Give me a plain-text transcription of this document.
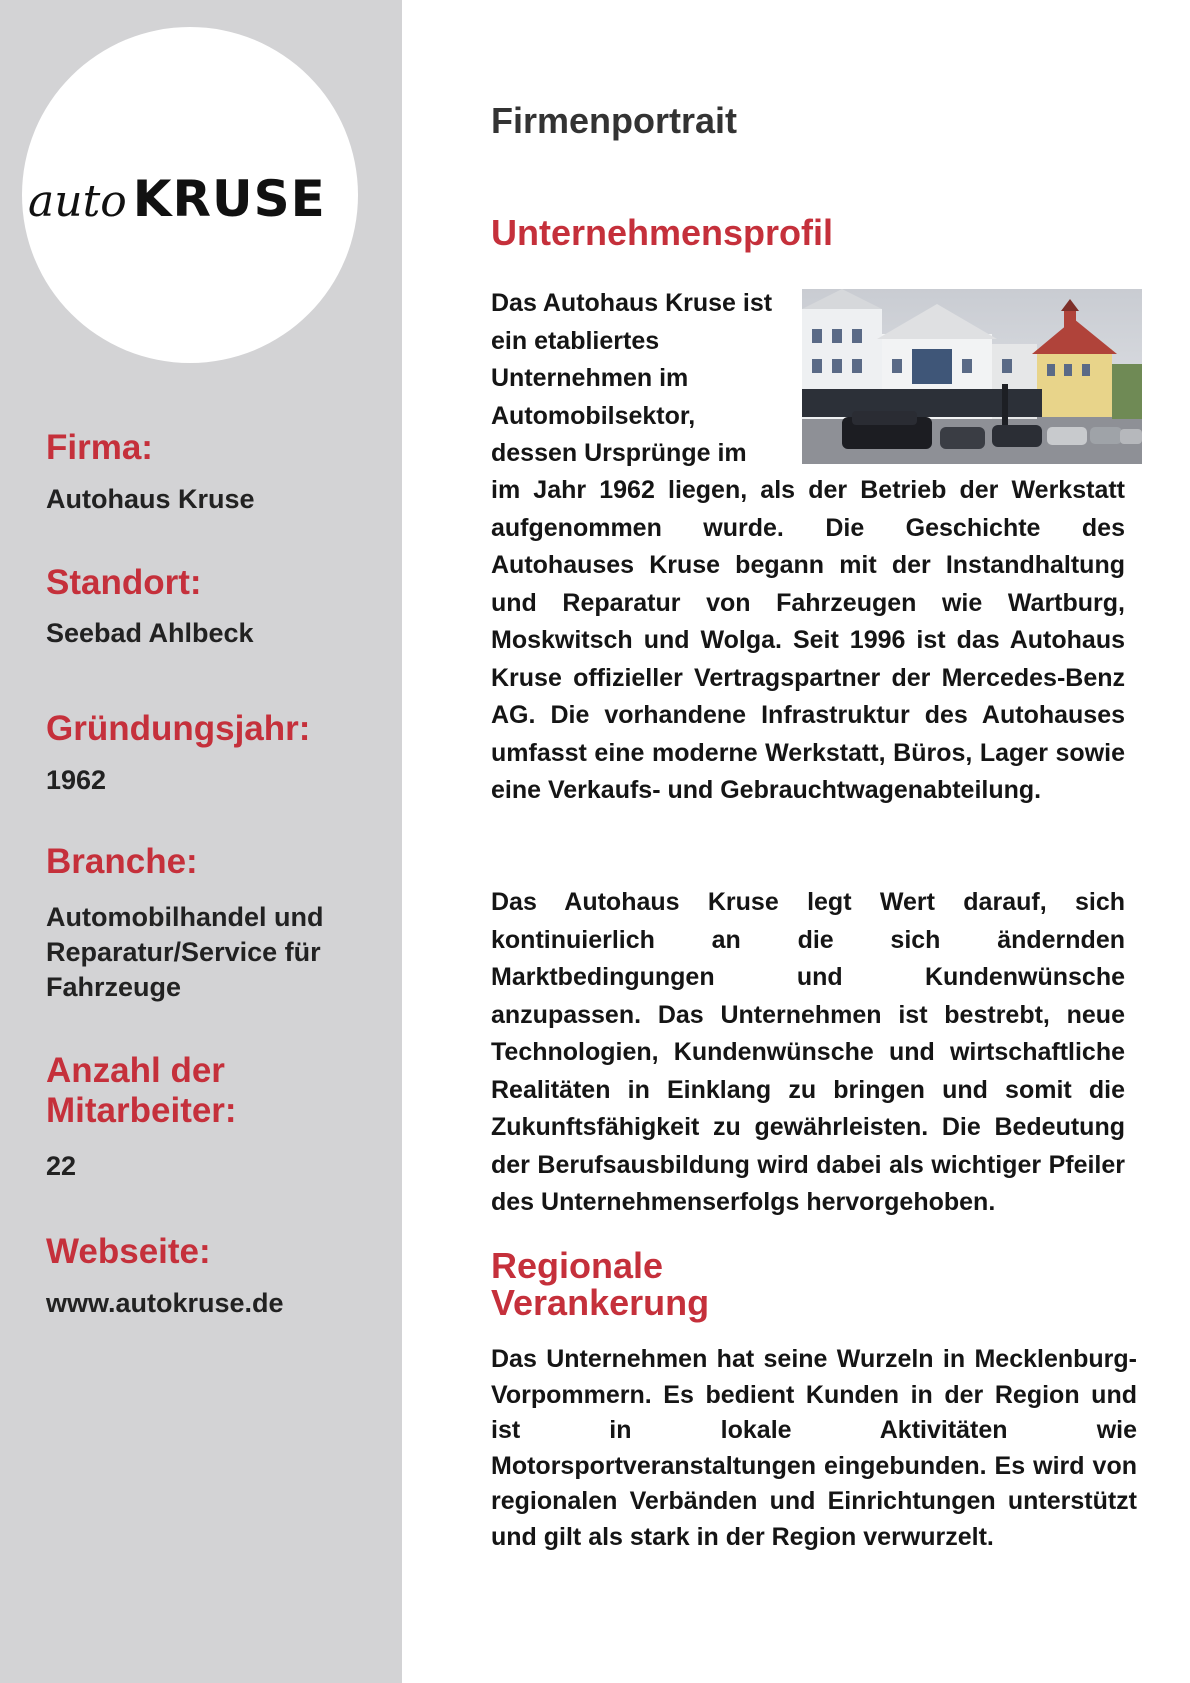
auto KRUSE

Firma:

Autohaus Kruse

Standort:

Seebad Ahlbeck

Gründungsjahr:

1962

Branche:

Automobilhandel und

Reparatur/Service für

Fahrzeuge

Anzahl der

Mitarbeiter:

22

Webseite:

www.autokruse.de

Firmenportrait
Unternehmensprofil
Das Autohaus Kruse ist
ein etabliertes
Unternehmen im
Automobilsektor,
dessen Ursprünge im

im Jahr 1962 liegen, als der Betrieb der Werkstatt aufgenommen wurde. Die Geschichte des Autohauses Kruse begann mit der Instandhaltung und Reparatur von Fahrzeugen wie Wartburg, Moskwitsch und Wolga. Seit 1996 ist das Autohaus Kruse offizieller Vertragspartner der Mercedes-Benz AG. Die vorhandene Infrastruktur des Autohauses umfasst eine moderne Werkstatt, Büros, Lager sowie eine Verkaufs- und Gebrauchtwagenabteilung.

Das Autohaus Kruse legt Wert darauf, sich kontinuierlich an die sich ändernden Marktbedingungen und Kundenwünsche anzupassen. Das Unternehmen ist bestrebt, neue Technologien, Kundenwünsche und wirtschaftliche Realitäten in Einklang zu bringen und somit die Zukunftsfähigkeit zu gewährleisten. Die Bedeutung der Berufsausbildung wird dabei als wichtiger Pfeiler des Unternehmenserfolgs hervorgehoben.

Regionale
Verankerung

Das Unternehmen hat seine Wurzeln in Mecklenburg-Vorpommern. Es bedient Kunden in der Region und ist in lokale Aktivitäten wie Motorsportveranstaltungen eingebunden. Es wird von regionalen Verbänden und Einrichtungen unterstützt und gilt als stark in der Region verwurzelt.
